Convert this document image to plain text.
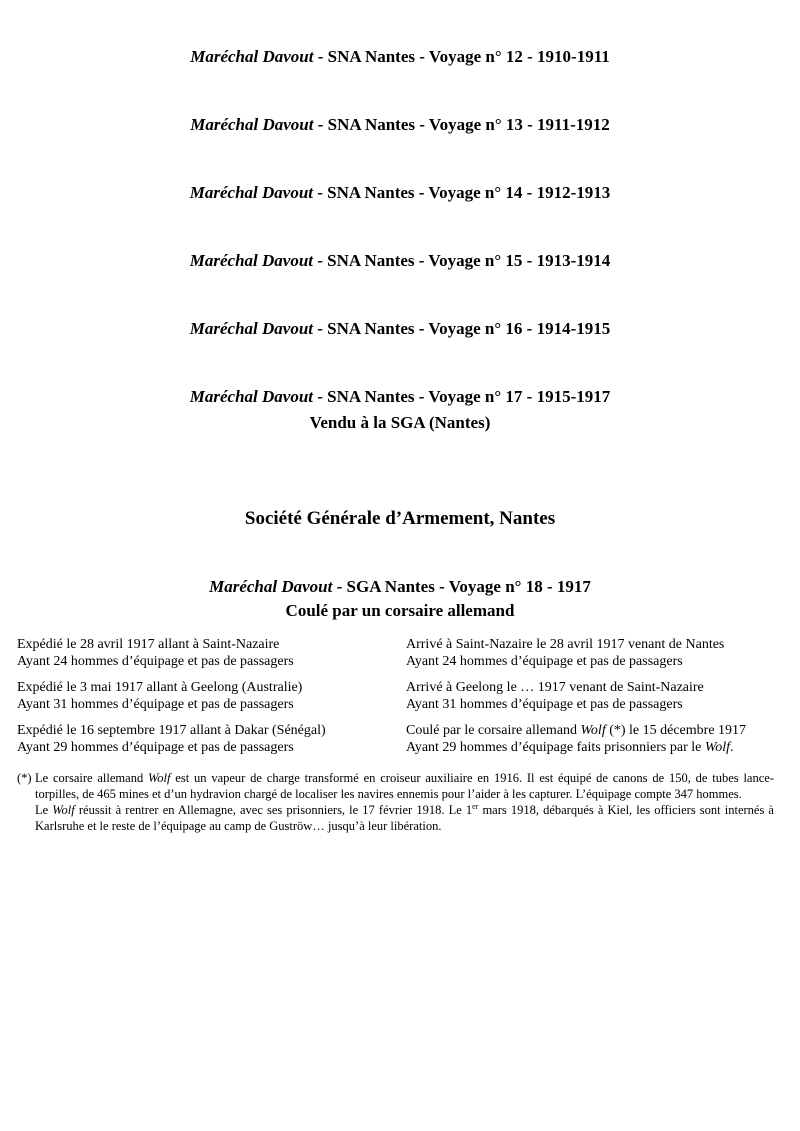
Maréchal Davout - SNA Nantes - Voyage n° 12 - 1910-1911
Maréchal Davout - SNA Nantes - Voyage n° 13 - 1911-1912
Maréchal Davout - SNA Nantes - Voyage n° 14 - 1912-1913
Maréchal Davout - SNA Nantes - Voyage n° 15 - 1913-1914
Maréchal Davout - SNA Nantes - Voyage n° 16 - 1914-1915
Maréchal Davout - SNA Nantes - Voyage n° 17 - 1915-1917
Vendu à la SGA (Nantes)
Société Générale d’Armement, Nantes
Maréchal Davout - SGA Nantes - Voyage n° 18 - 1917
Coulé par un corsaire allemand
Expédié le 28 avril 1917 allant à Saint-Nazaire
Ayant 24 hommes d’équipage et pas de passagers
Arrivé à Saint-Nazaire le 28 avril 1917 venant de Nantes
Ayant 24 hommes d’équipage et pas de passagers
Expédié le 3 mai 1917 allant à Geelong (Australie)
Ayant 31 hommes d’équipage et pas de passagers
Arrivé à Geelong le … 1917 venant de Saint-Nazaire
Ayant 31 hommes d’équipage et pas de passagers
Expédié le 16 septembre 1917 allant à Dakar (Sénégal)
Ayant 29 hommes d’équipage et pas de passagers
Coulé par le corsaire allemand Wolf (*) le 15 décembre 1917
Ayant 29 hommes d’équipage faits prisonniers par le Wolf.
(*) Le corsaire allemand Wolf est un vapeur de charge transformé en croiseur auxiliaire en 1916. Il est équipé de canons de 150, de tubes lance-torpilles, de 465 mines et d’un hydravion chargé de localiser les navires ennemis pour l’aider à les capturer. L’équipage compte 347 hommes.

Le Wolf réussit à rentrer en Allemagne, avec ses prisonniers, le 17 février 1918. Le 1er mars 1918, débarqués à Kiel, les officiers sont internés à Karlsruhe et le reste de l’équipage au camp de Guströw… jusqu’à leur libération.
